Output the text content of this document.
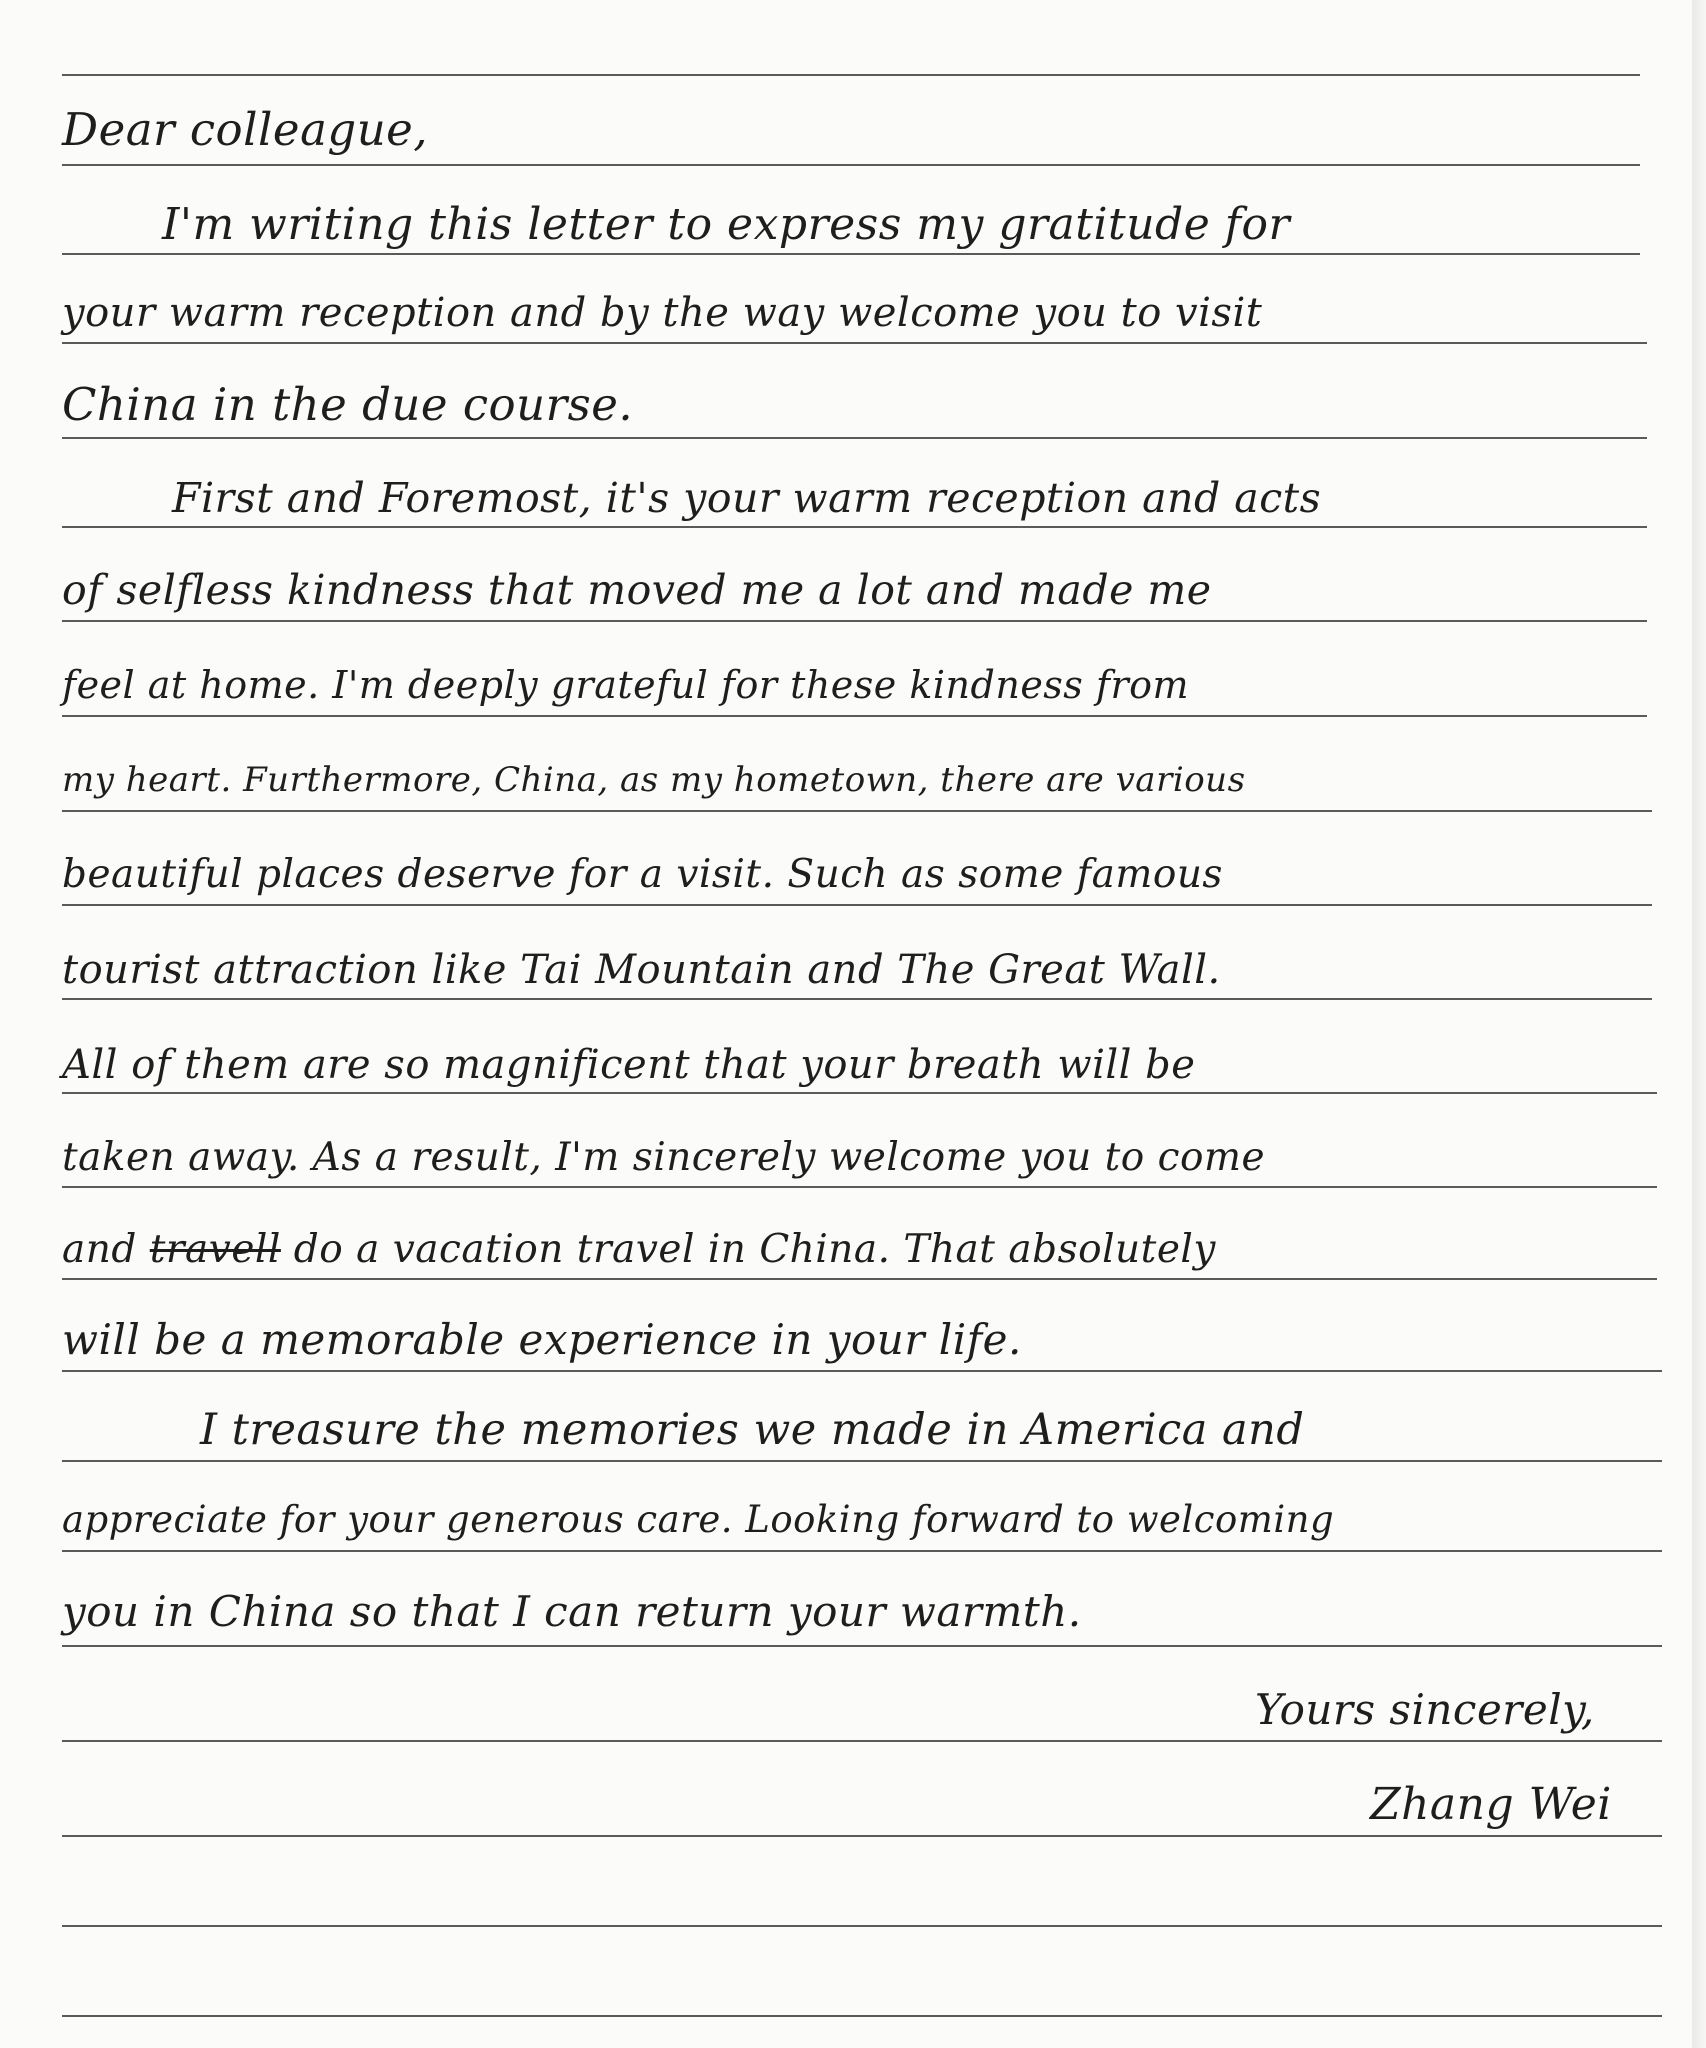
Dear colleague,
I'm writing this letter to express my gratitude for
your warm reception and by the way welcome you to visit
China in the due course.
First and Foremost, it's your warm reception and acts
of selfless kindness that moved me a lot and made me
feel at home. I'm deeply grateful for these kindness from
my heart. Furthermore, China, as my hometown, there are various
beautiful places deserve for a visit. Such as some famous
tourist attraction like Tai Mountain and The Great Wall.
All of them are so magnificent that your breath will be
taken away. As a result, I'm sincerely welcome you to come
and travell do a vacation travel in China. That absolutely
will be a memorable experience in your life.
I treasure the memories we made in America and
appreciate for your generous care. Looking forward to welcoming
you in China so that I can return your warmth.
Yours sincerely,
Zhang Wei
